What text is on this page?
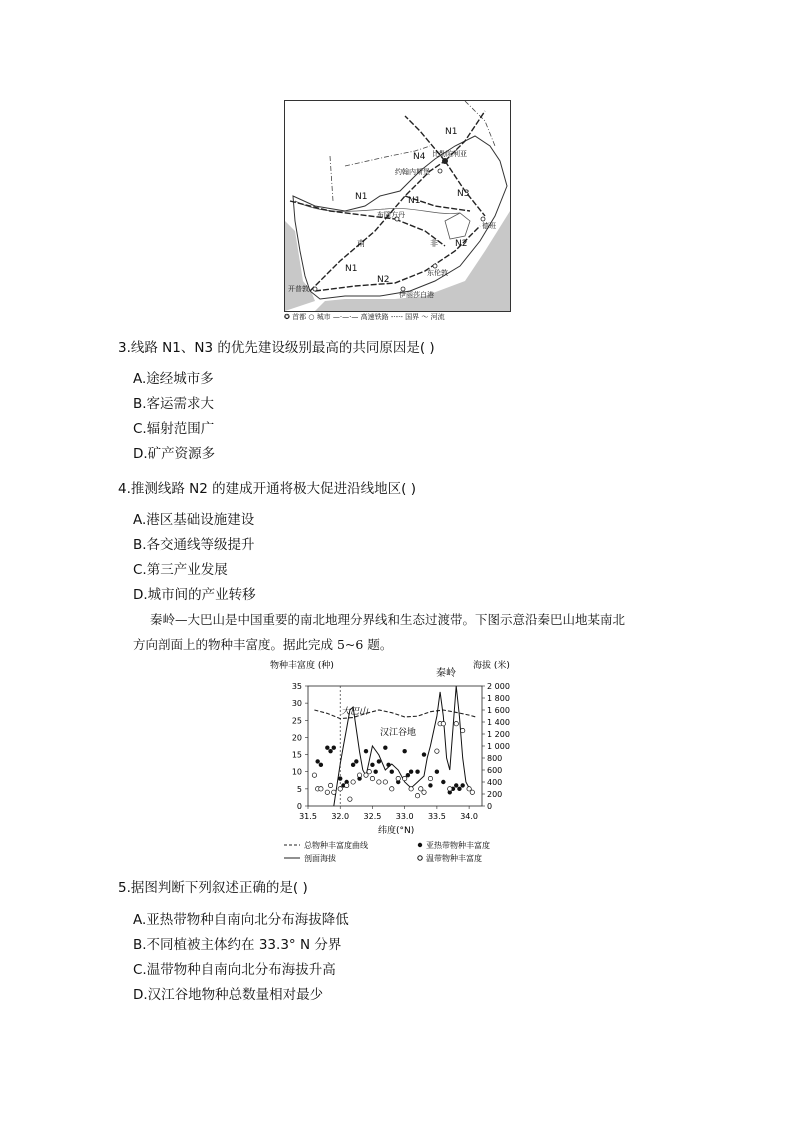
N1
N4
N3
N1	N1
N2
N1
N2
比勒陀利亚
约翰内斯堡
布隆方丹
德班
东伦敦
开普敦
伊丽莎白港
南	非
✪ 首都 ○ 城市 —·—·— 高速铁路 -·-·- 国界 〜 河流
3.线路 N1、N3 的优先建设级别最高的共同原因是( )
A.途经城市多
B.客运需求大
C.辐射范围广
D.矿产资源多
4.推测线路 N2 的建成开通将极大促进沿线地区( )
A.港区基础设施建设
B.各交通线等级提升
C.第三产业发展
D.城市间的产业转移
秦岭—大巴山是中国重要的南北地理分界线和生态过渡带。下图示意沿秦巴山地某南北
方向剖面上的物种丰富度。据此完成 5~6 题。
物种丰富度 (种)	海拔 (米)
纬度(°N)
0
5
10
15
20
25
30
35
0
200
400
600
800
1 000
1 200
1 400
1 600
1 800
2 000
31.5 32.0 32.5 33.0 33.5 34.0
大巴山
秦岭
汉江谷地
总物种丰富度曲线	亚热带物种丰富度
剖面海拔	温带物种丰富度
5.据图判断下列叙述正确的是( )
A.亚热带物种自南向北分布海拔降低
B.不同植被主体约在 33.3° N 分界
C.温带物种自南向北分布海拔升高
D.汉江谷地物种总数量相对最少
